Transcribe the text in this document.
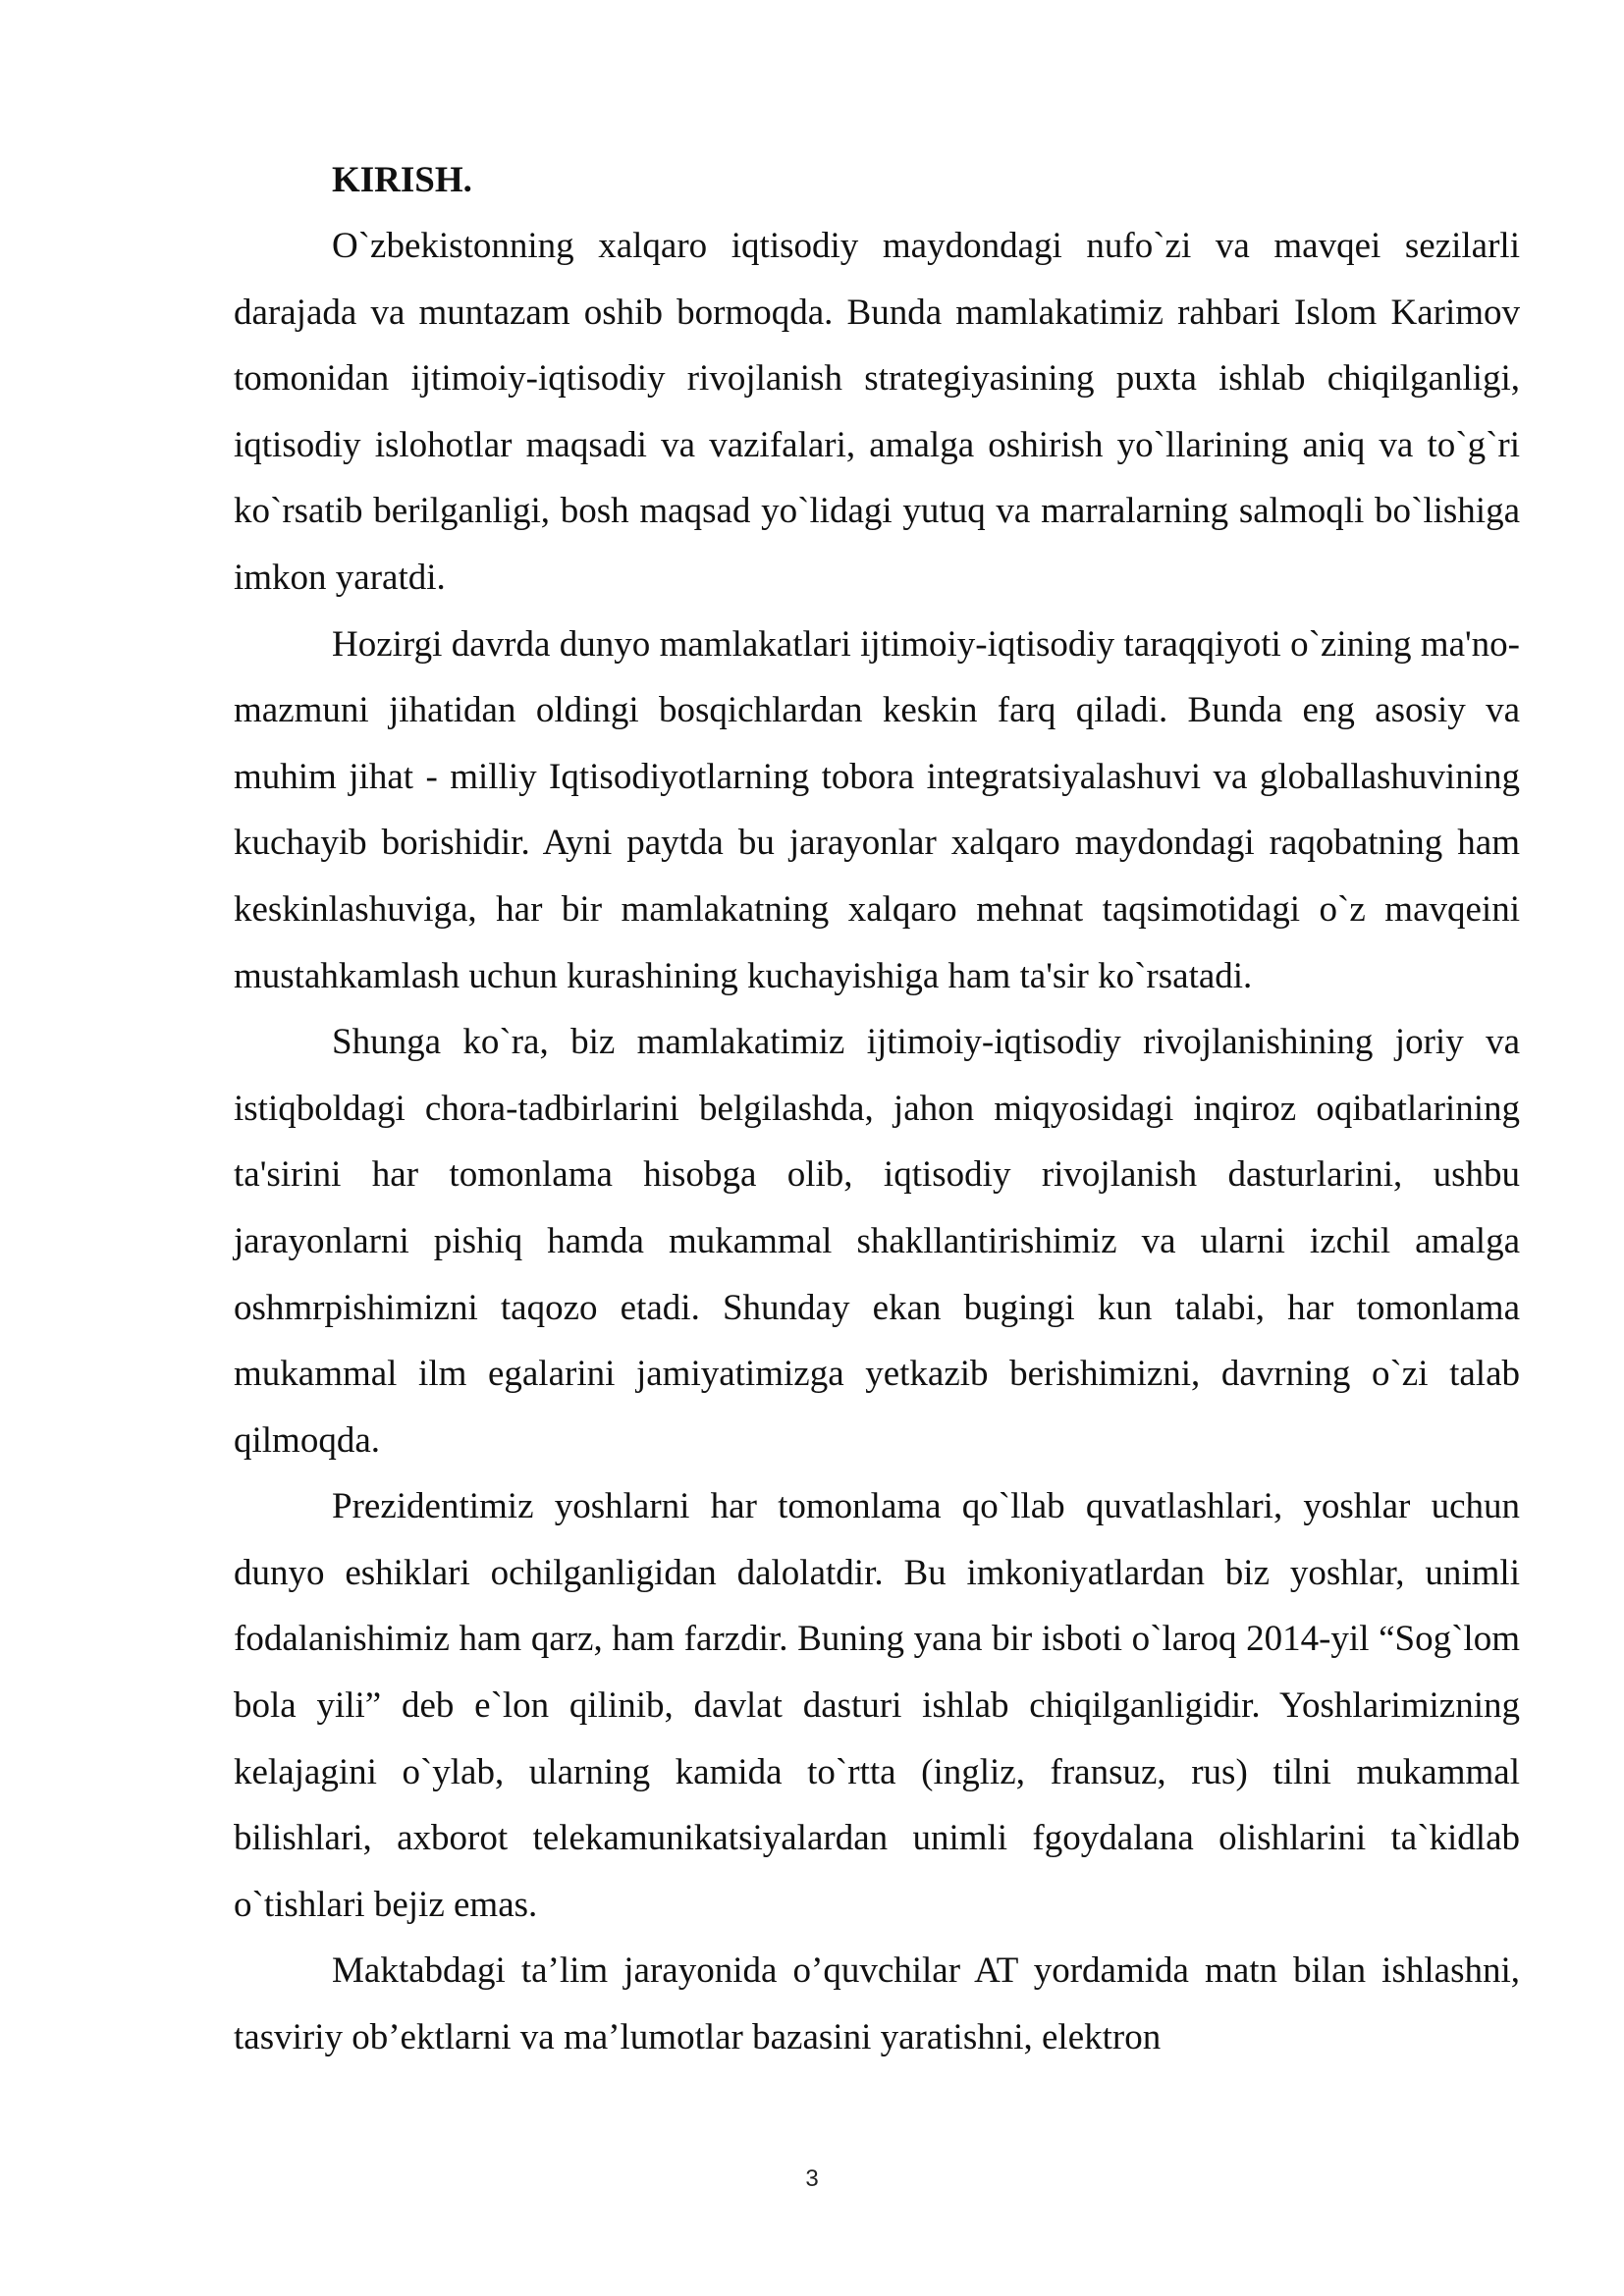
KIRISH.

O`zbekistonning xalqaro iqtisodiy maydondagi nufo`zi va mavqei sezilarli darajada va muntazam oshib bormoqda. Bunda mamlakatimiz rahbari Islom Karimov tomonidan ijtimoiy-iqtisodiy rivojlanish strategiyasining puxta ishlab chiqilganligi, iqtisodiy islohotlar maqsadi va vazifalari, amalga oshirish yo`llarining aniq va to`g`ri ko`rsatib berilganligi, bosh maqsad yo`lidagi yutuq va marralarning salmoqli bo`lishiga imkon yaratdi.

Hozirgi davrda dunyo mamlakatlari ijtimoiy-iqtisodiy taraqqiyoti o`zining ma'no-mazmuni jihatidan oldingi bosqichlardan keskin farq qiladi. Bunda eng asosiy va muhim jihat - milliy Iqtisodiyotlarning tobora integratsiyalashuvi va globallashuvining kuchayib borishidir. Ayni paytda bu jarayonlar xalqaro maydondagi raqobatning ham keskinlashuviga, har bir mamlakatning xalqaro mehnat taqsimotidagi o`z mavqeini mustahkamlash uchun kurashining kuchayishiga ham ta'sir ko`rsatadi.

Shunga ko`ra, biz mamlakatimiz ijtimoiy-iqtisodiy rivojlanishining joriy va istiqboldagi chora-tadbirlarini belgilashda, jahon miqyosidagi inqiroz oqibatlarining ta'sirini har tomonlama hisobga olib, iqtisodiy rivojlanish dasturlarini, ushbu jarayonlarni pishiq hamda mukammal shakllantirishimiz va ularni izchil amalga oshmrpishimizni taqozo etadi. Shunday ekan bugingi kun talabi, har tomonlama mukammal ilm egalarini jamiyatimizga yetkazib berishimizni, davrning o`zi talab qilmoqda.

Prezidentimiz yoshlarni har tomonlama qo`llab quvatlashlari, yoshlar uchun dunyo eshiklari ochilganligidan dalolatdir. Bu imkoniyatlardan biz yoshlar, unimli fodalanishimiz ham qarz, ham farzdir. Buning yana bir isboti o`laroq 2014-yil “Sog`lom bola yili” deb e`lon qilinib, davlat dasturi ishlab chiqilganligidir. Yoshlarimizning kelajagini o`ylab, ularning kamida to`rtta (ingliz, fransuz, rus) tilni mukammal bilishlari, axborot telekamunikatsiyalardan unimli fgoydalana olishlarini ta`kidlab o`tishlari bejiz emas.

Maktabdagi ta’lim jarayonida o’quvchilar AT yordamida matn bilan ishlashni, tasviriy ob’ektlarni va ma’lumotlar bazasini yaratishni, elektron

3
